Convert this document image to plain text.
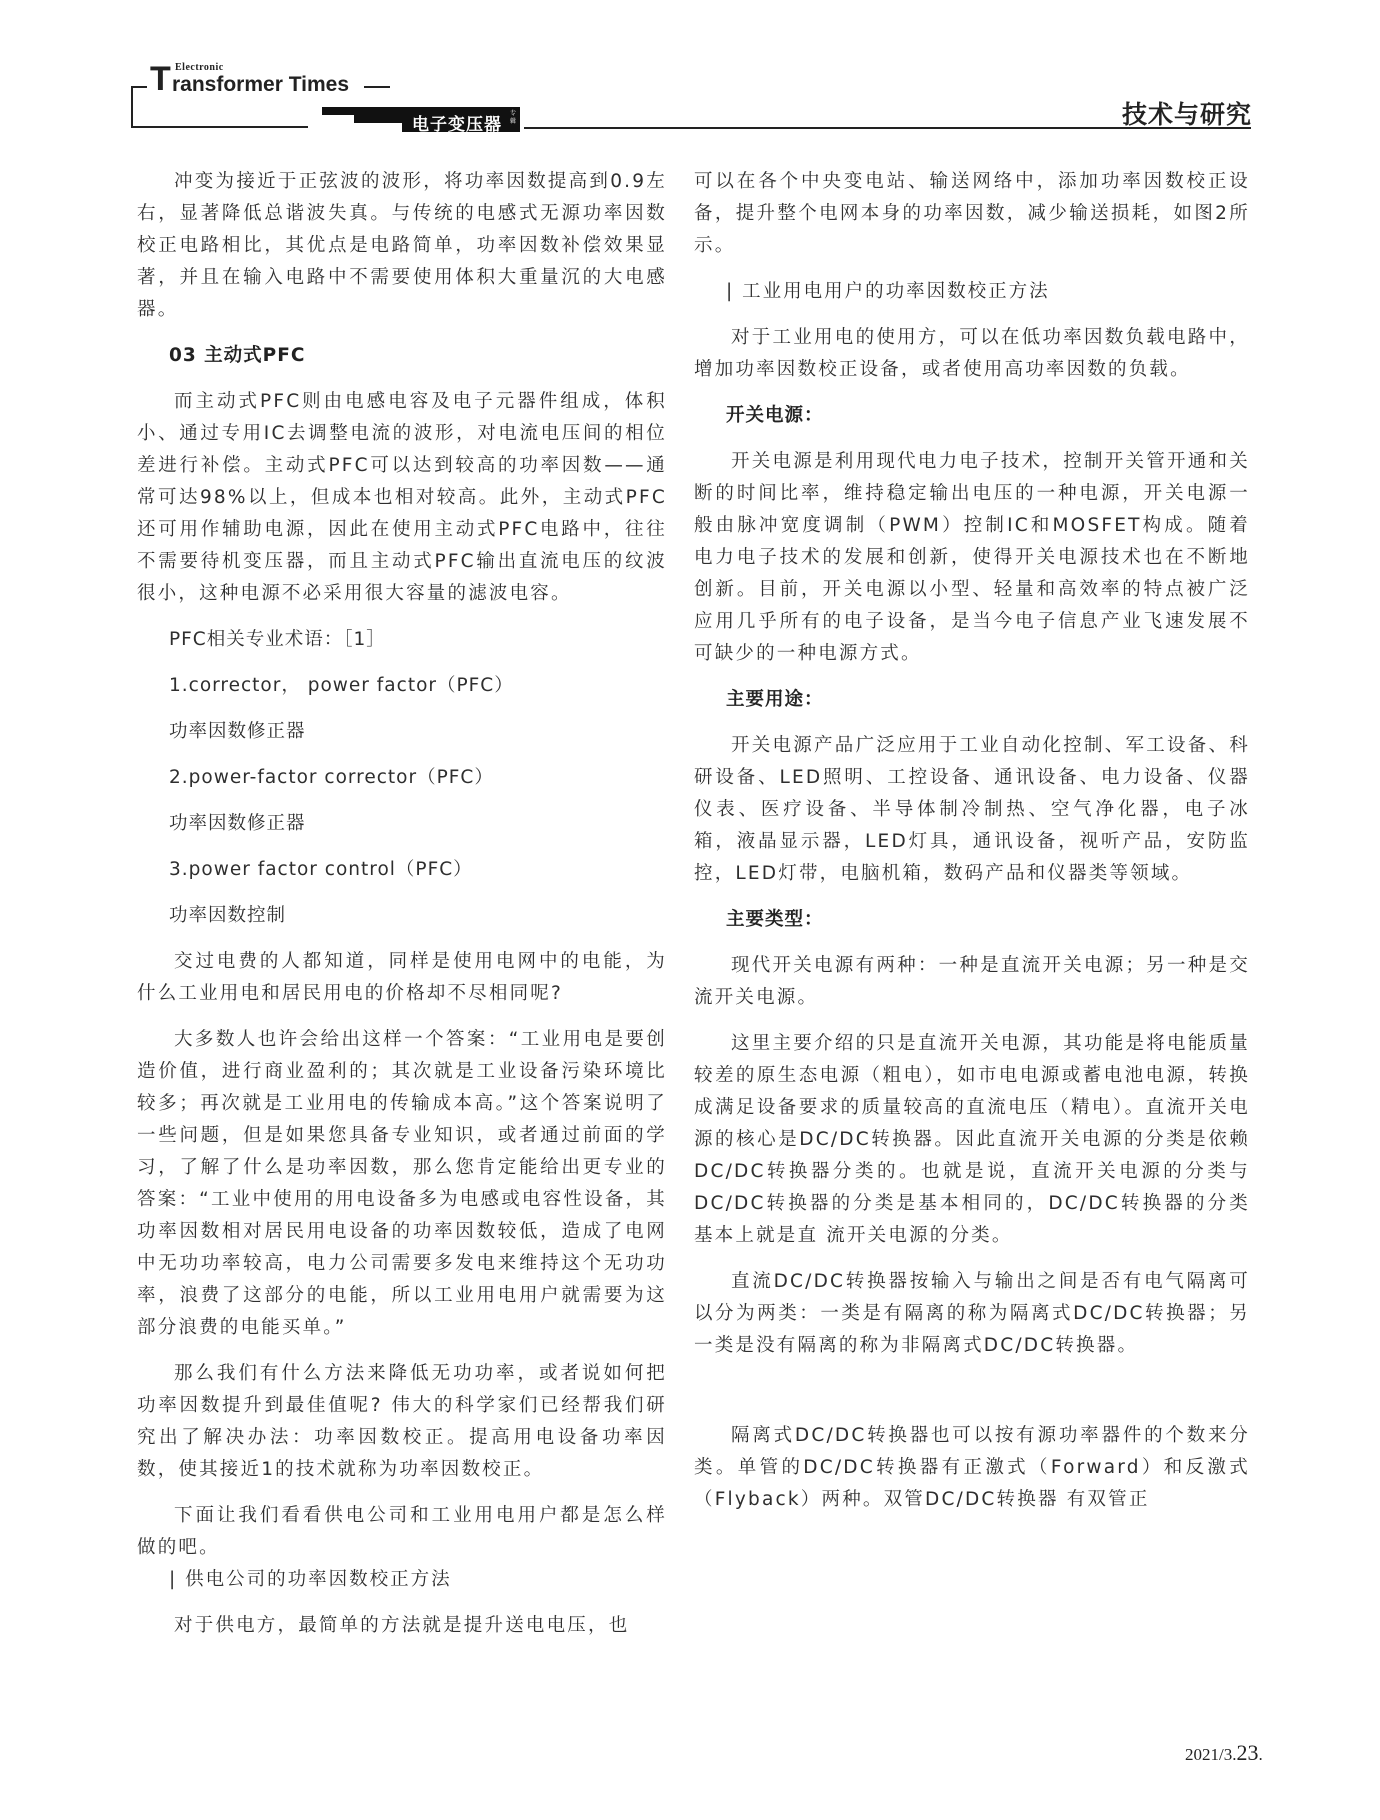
T Electronic
ransformer Times
电子变压器
专辑	技术与研究

冲变为接近于正弦波的波形，将功率因数提高到0.9左右，显著降低总谐波失真。与传统的电感式无源功率因数校正电路相比，其优点是电路简单，功率因数补偿效果显著，并且在输入电路中不需要使用体积大重量沉的大电感器。

03 主动式PFC

而主动式PFC则由电感电容及电子元器件组成，体积小、通过专用IC去调整电流的波形，对电流电压间的相位差进行补偿。主动式PFC可以达到较高的功率因数——通常可达98%以上，但成本也相对较高。此外，主动式PFC还可用作辅助电源，因此在使用主动式PFC电路中，往往不需要待机变压器，而且主动式PFC输出直流电压的纹波很小，这种电源不必采用很大容量的滤波电容。

PFC相关专业术语：［1］

1.corrector， power factor（PFC）

功率因数修正器

2.power-factor corrector（PFC）

功率因数修正器

3.power factor control（PFC）

功率因数控制

交过电费的人都知道，同样是使用电网中的电能，为什么工业用电和居民用电的价格却不尽相同呢?

大多数人也许会给出这样一个答案：“工业用电是要创造价值，进行商业盈利的；其次就是工业设备污染环境比较多；再次就是工业用电的传输成本高。”这个答案说明了一些问题，但是如果您具备专业知识，或者通过前面的学习，了解了什么是功率因数，那么您肯定能给出更专业的答案：“工业中使用的用电设备多为电感或电容性设备，其功率因数相对居民用电设备的功率因数较低，造成了电网中无功功率较高，电力公司需要多发电来维持这个无功功率，浪费了这部分的电能，所以工业用电用户就需要为这部分浪费的电能买单。”

那么我们有什么方法来降低无功功率，或者说如何把功率因数提升到最佳值呢? 伟大的科学家们已经帮我们研究出了解决办法：功率因数校正。提高用电设备功率因数，使其接近1的技术就称为功率因数校正。

下面让我们看看供电公司和工业用电用户都是怎么样做的吧。

| 供电公司的功率因数校正方法

对于供电方，最简单的方法就是提升送电电压，也

可以在各个中央变电站、输送网络中，添加功率因数校正设备，提升整个电网本身的功率因数，减少输送损耗，如图2所示。

| 工业用电用户的功率因数校正方法

对于工业用电的使用方，可以在低功率因数负载电路中，增加功率因数校正设备，或者使用高功率因数的负载。

开关电源：

开关电源是利用现代电力电子技术，控制开关管开通和关断的时间比率，维持稳定输出电压的一种电源，开关电源一般由脉冲宽度调制（PWM）控制IC和MOSFET构成。随着电力电子技术的发展和创新，使得开关电源技术也在不断地创新。目前，开关电源以小型、轻量和高效率的特点被广泛应用几乎所有的电子设备，是当今电子信息产业飞速发展不可缺少的一种电源方式。

主要用途：

开关电源产品广泛应用于工业自动化控制、军工设备、科研设备、LED照明、工控设备、通讯设备、电力设备、仪器仪表、医疗设备、半导体制冷制热、空气净化器，电子冰箱，液晶显示器，LED灯具，通讯设备，视听产品，安防监控，LED灯带，电脑机箱，数码产品和仪器类等领域。

主要类型：

现代开关电源有两种：一种是直流开关电源；另一种是交流开关电源。

这里主要介绍的只是直流开关电源，其功能是将电能质量较差的原生态电源（粗电），如市电电源或蓄电池电源，转换成满足设备要求的质量较高的直流电压（精电）。直流开关电源的核心是DC/DC转换器。因此直流开关电源的分类是依赖DC/DC转换器分类的。也就是说，直流开关电源的分类与DC/DC转换器的分类是基本相同的，DC/DC转换器的分类基本上就是直 流开关电源的分类。

直流DC/DC转换器按输入与输出之间是否有电气隔离可以分为两类：一类是有隔离的称为隔离式DC/DC转换器；另一类是没有隔离的称为非隔离式DC/DC转换器。

隔离式DC/DC转换器也可以按有源功率器件的个数来分类。单管的DC/DC转换器有正激式（Forward）和反激式（Flyback）两种。双管DC/DC转换器 有双管正

2021/3.23.
